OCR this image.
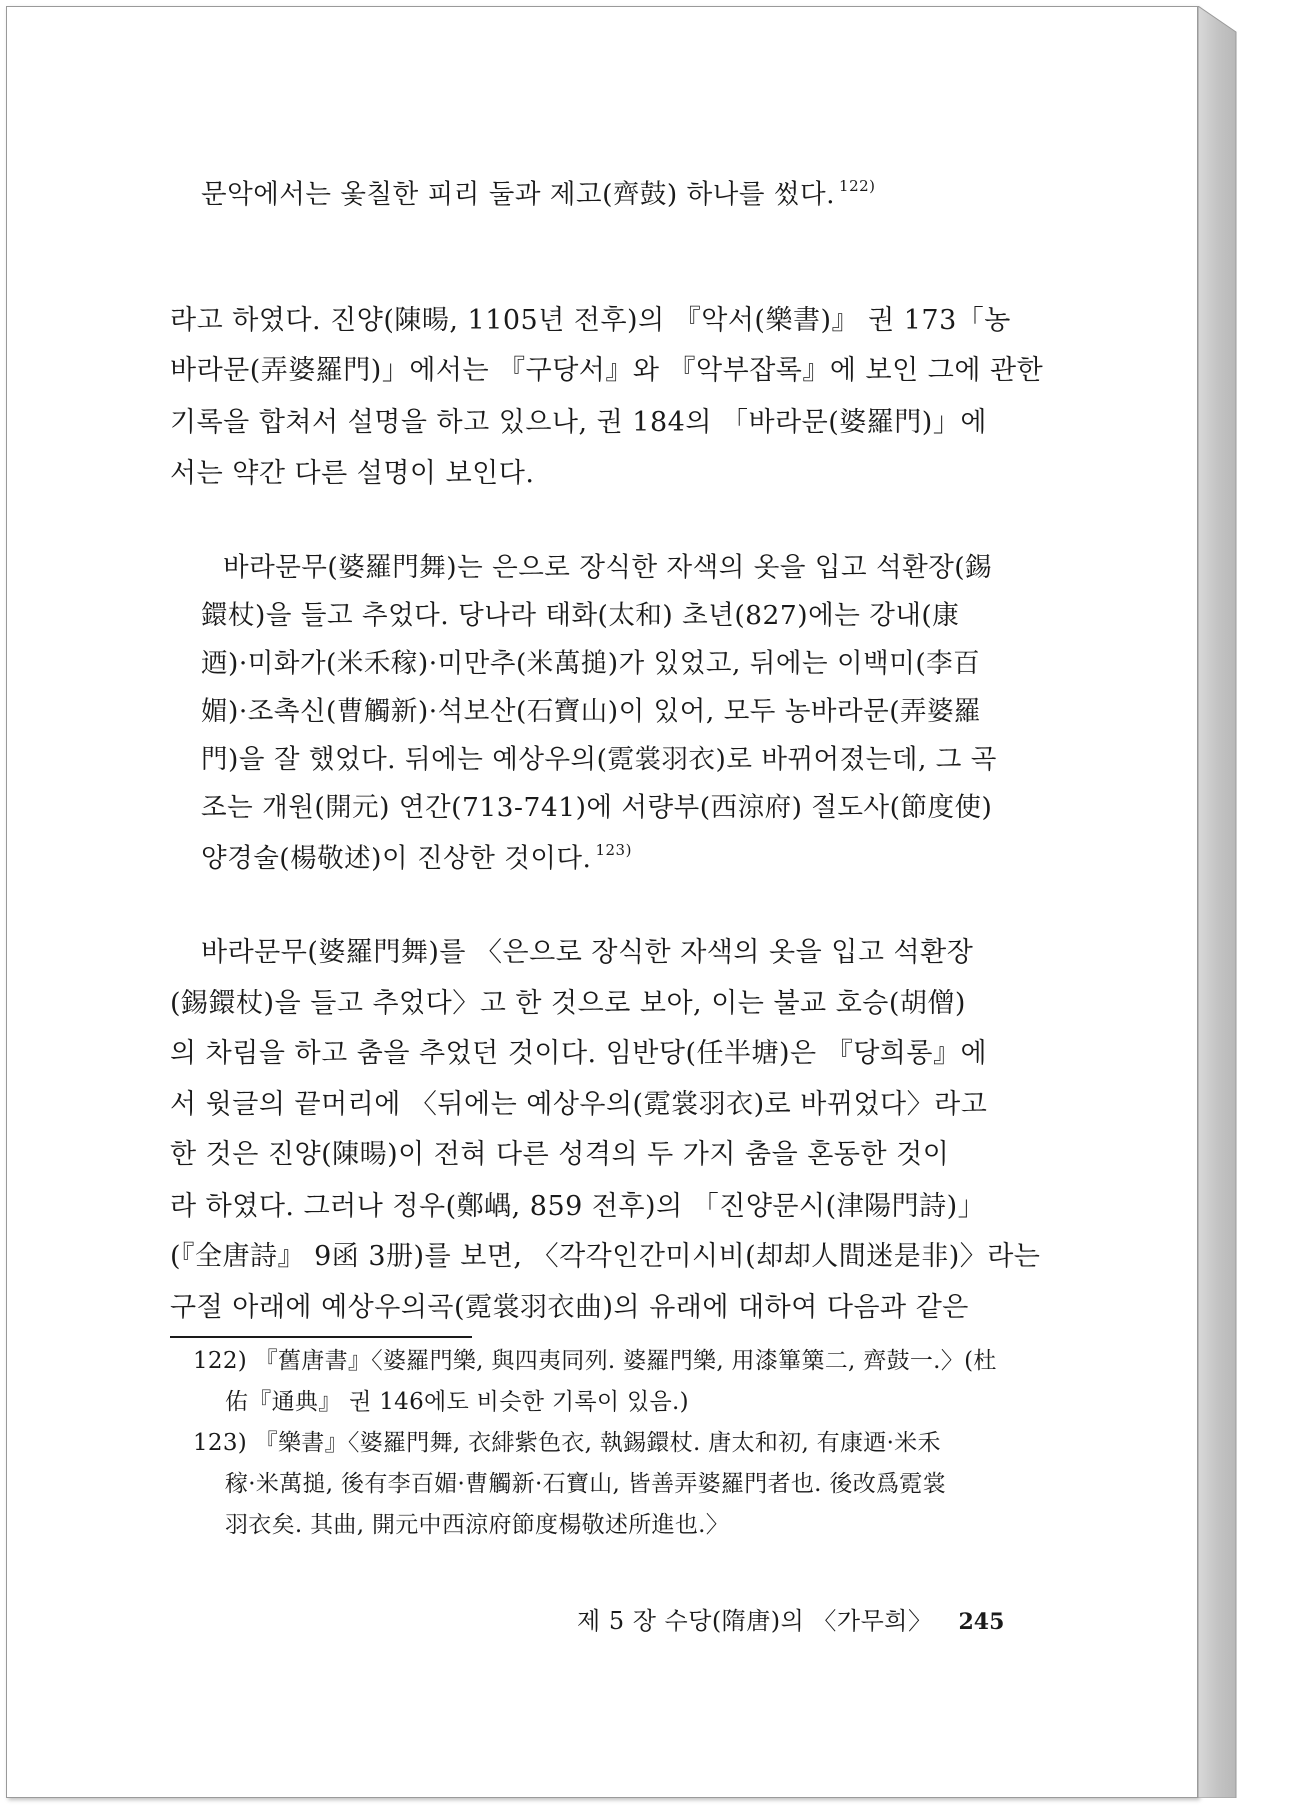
문악에서는 옻칠한 피리 둘과 제고(齊鼓) 하나를 썼다. $^{122)}$
라고 하였다. 진양(陳暘, 1105년 전후)의 『악서(樂書)』 권 173「농
바라문(弄婆羅門)」에서는 『구당서』와 『악부잡록』에 보인 그에 관한
기록을 합쳐서 설명을 하고 있으나, 권 184의 「바라문(婆羅門)」에
서는 약간 다른 설명이 보인다.
바라문무(婆羅門舞)는 은으로 장식한 자색의 옷을 입고 석환장(錫
鐶杖)을 들고 추었다. 당나라 태화(太和) 초년(827)에는 강내(康
迺)·미화가(米禾稼)·미만추(米萬搥)가 있었고, 뒤에는 이백미(李百
媚)·조촉신(曹觸新)·석보산(石寶山)이 있어, 모두 농바라문(弄婆羅
門)을 잘 했었다. 뒤에는 예상우의(霓裳羽衣)로 바뀌어졌는데, 그 곡
조는 개원(開元) 연간(713-741)에 서량부(西涼府) 절도사(節度使)
양경술(楊敬述)이 진상한 것이다. $^{123)}$
바라문무(婆羅門舞)를 〈은으로 장식한 자색의 옷을 입고 석환장
(錫鐶杖)을 들고 추었다〉고 한 것으로 보아, 이는 불교 호승(胡僧)
의 차림을 하고 춤을 추었던 것이다. 임반당(任半塘)은 『당희롱』에
서 윗글의 끝머리에 〈뒤에는 예상우의(霓裳羽衣)로 바뀌었다〉라고
한 것은 진양(陳暘)이 전혀 다른 성격의 두 가지 춤을 혼동한 것이
라 하였다. 그러나 정우(鄭嵎, 859 전후)의 「진양문시(津陽門詩)」
(『全唐詩』 9函 3册)를 보면, 〈각각인간미시비(却却人間迷是非)〉라는
구절 아래에 예상우의곡(霓裳羽衣曲)의 유래에 대하여 다음과 같은
122) 『舊唐書』〈婆羅門樂, 與四夷同列. 婆羅門樂, 用漆篳篥二, 齊鼓一.〉(杜
佑『通典』 권 146에도 비슷한 기록이 있음.)
123) 『樂書』〈婆羅門舞, 衣緋紫色衣, 執錫鐶杖. 唐太和初, 有康迺·米禾
稼·米萬搥, 後有李百媚·曹觸新·石寶山, 皆善弄婆羅門者也. 後改爲霓裳
羽衣矣. 其曲, 開元中西涼府節度楊敬述所進也.〉
제 5 장 수당(隋唐)의 〈가무희〉 245
